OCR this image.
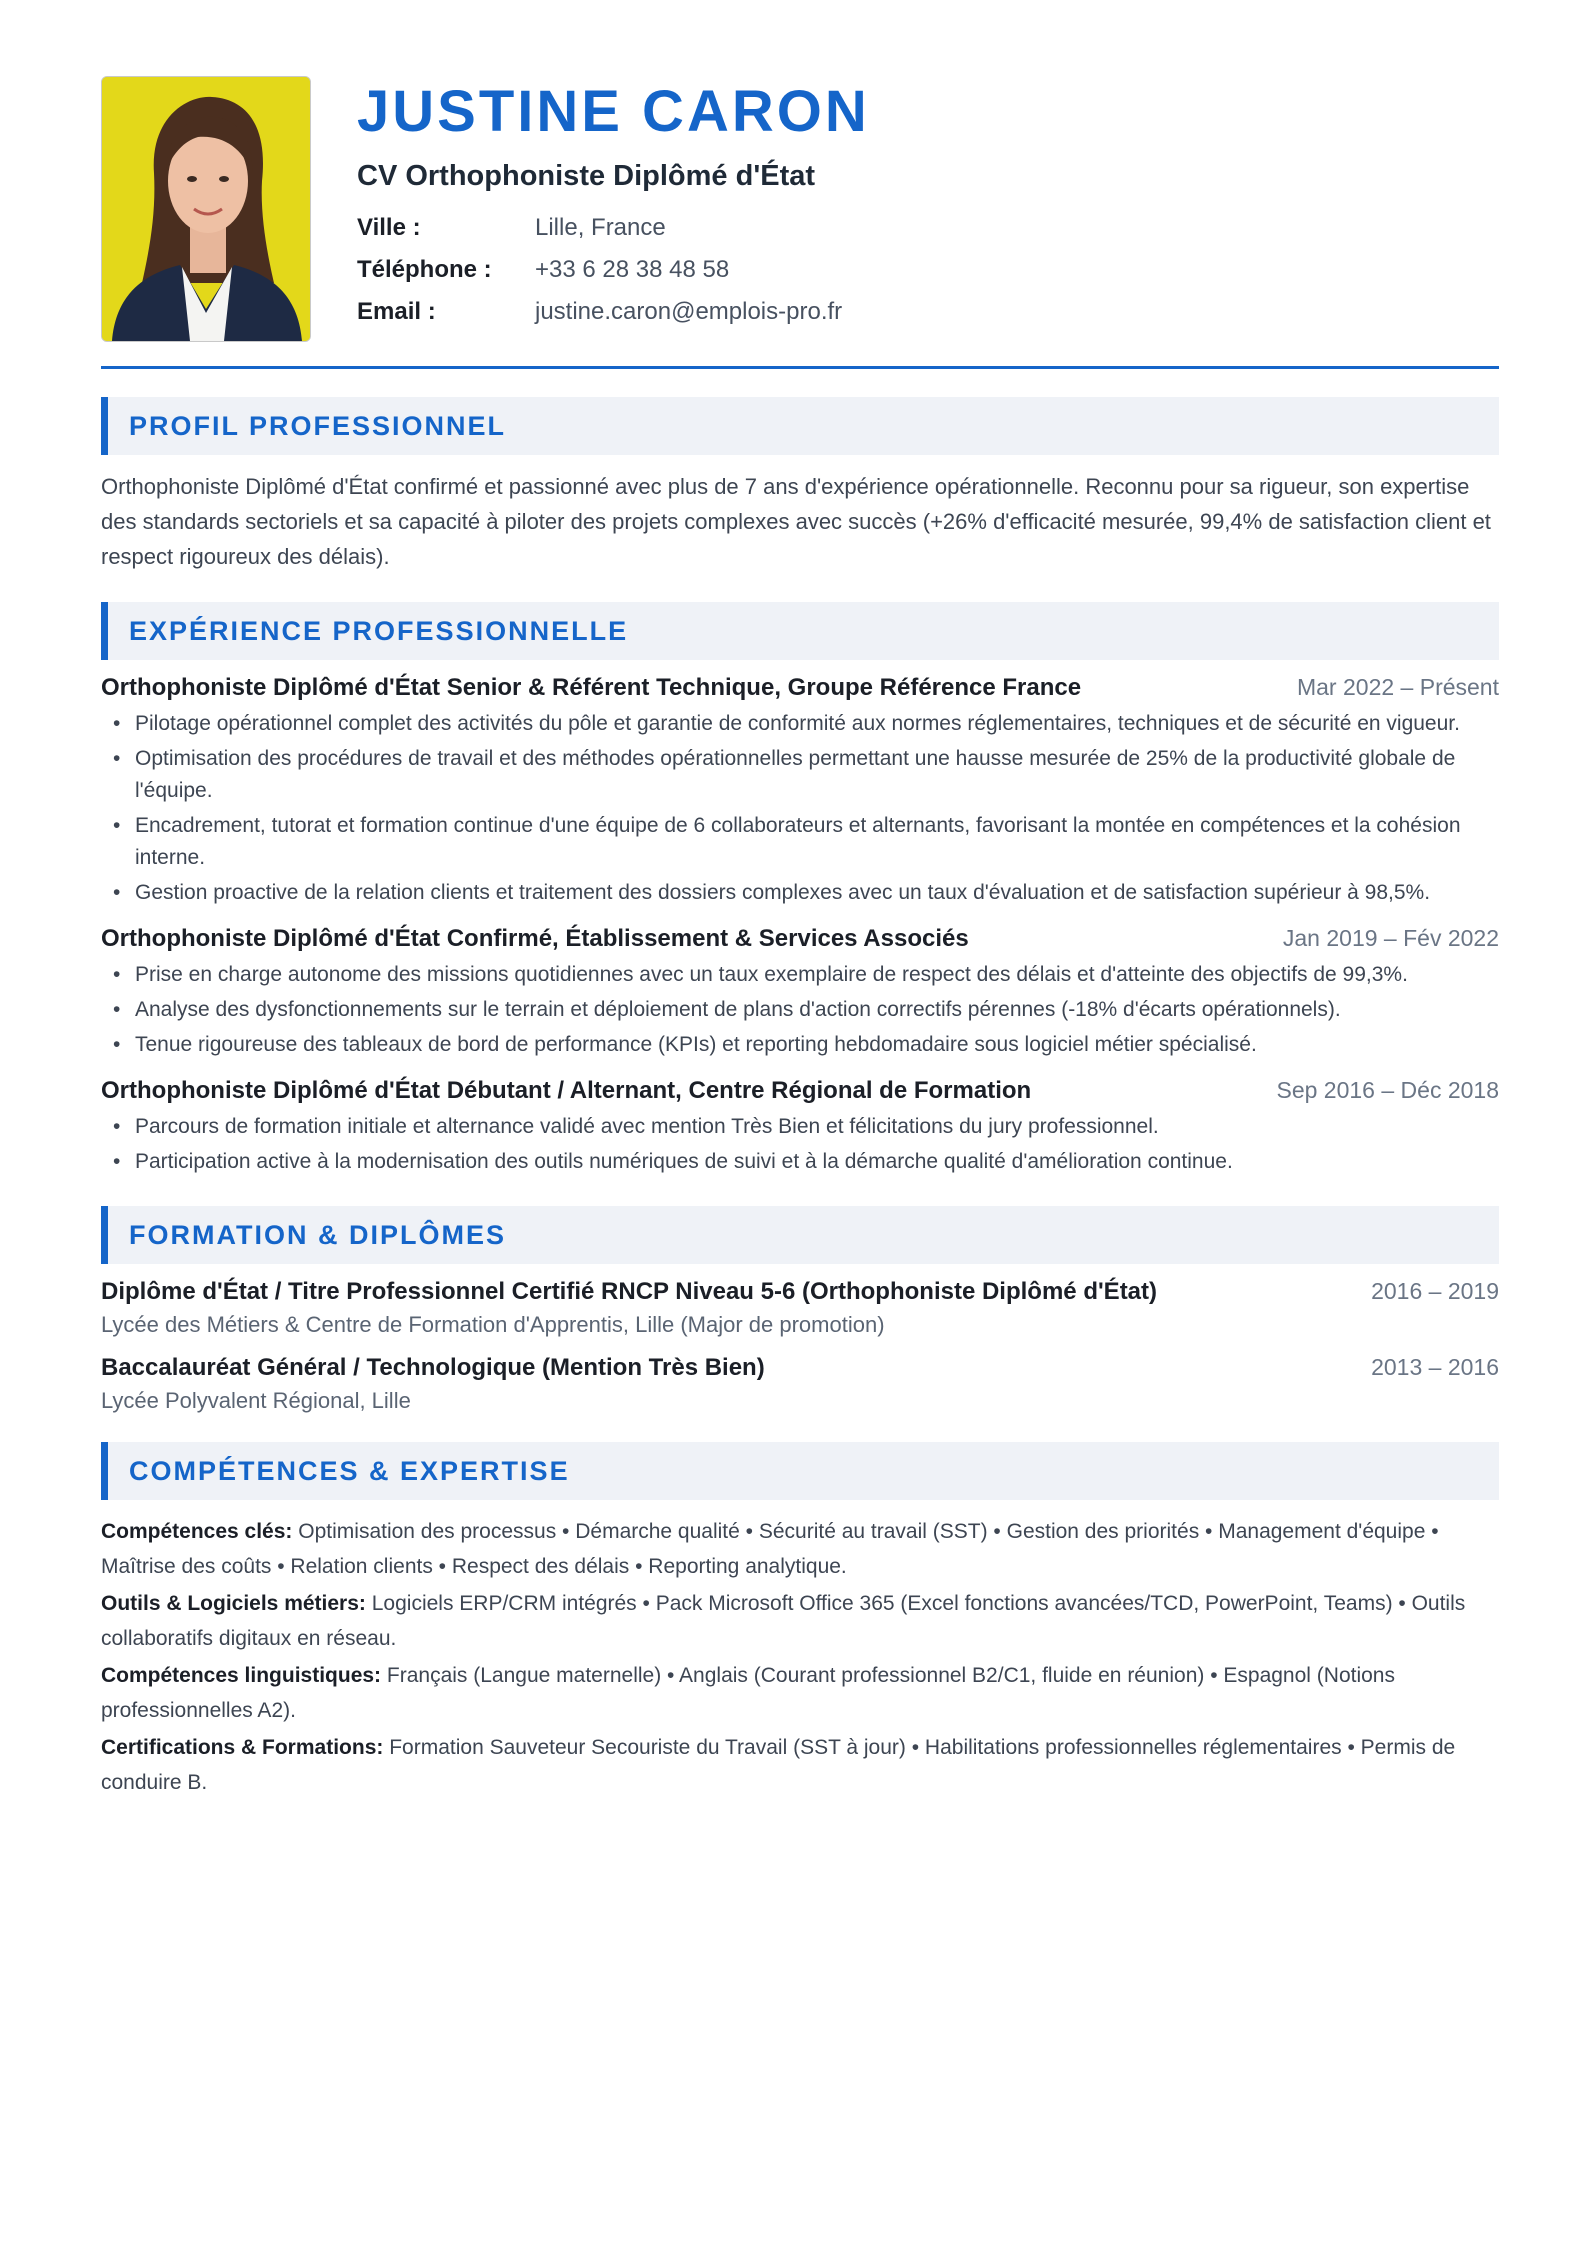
JUSTINE CARON
CV Orthophoniste Diplômé d'État
Ville :	Lille, France
Téléphone :	+33 6 28 38 48 58
Email :	justine.caron@emplois-pro.fr
PROFIL PROFESSIONNEL

Orthophoniste Diplômé d'État confirmé et passionné avec plus de 7 ans d'expérience opérationnelle. Reconnu pour sa rigueur, son expertise des standards sectoriels et sa capacité à piloter des projets complexes avec succès (+26% d'efficacité mesurée, 99,4% de satisfaction client et respect rigoureux des délais).

EXPÉRIENCE PROFESSIONNELLE
Orthophoniste Diplômé d'État Senior & Référent Technique, Groupe Référence France	Mar 2022 – Présent
• Pilotage opérationnel complet des activités du pôle et garantie de conformité aux normes réglementaires, techniques et de sécurité en vigueur.
• Optimisation des procédures de travail et des méthodes opérationnelles permettant une hausse mesurée de 25% de la productivité globale de l'équipe.
• Encadrement, tutorat et formation continue d'une équipe de 6 collaborateurs et alternants, favorisant la montée en compétences et la cohésion interne.
• Gestion proactive de la relation clients et traitement des dossiers complexes avec un taux d'évaluation et de satisfaction supérieur à 98,5%.
Orthophoniste Diplômé d'État Confirmé, Établissement & Services Associés	Jan 2019 – Fév 2022
• Prise en charge autonome des missions quotidiennes avec un taux exemplaire de respect des délais et d'atteinte des objectifs de 99,3%.
• Analyse des dysfonctionnements sur le terrain et déploiement de plans d'action correctifs pérennes (-18% d'écarts opérationnels).
• Tenue rigoureuse des tableaux de bord de performance (KPIs) et reporting hebdomadaire sous logiciel métier spécialisé.
Orthophoniste Diplômé d'État Débutant / Alternant, Centre Régional de Formation	Sep 2016 – Déc 2018
• Parcours de formation initiale et alternance validé avec mention Très Bien et félicitations du jury professionnel.
• Participation active à la modernisation des outils numériques de suivi et à la démarche qualité d'amélioration continue.
FORMATION & DIPLÔMES
Diplôme d'État / Titre Professionnel Certifié RNCP Niveau 5-6 (Orthophoniste Diplômé d'État)	2016 – 2019
Lycée des Métiers & Centre de Formation d'Apprentis, Lille (Major de promotion)
Baccalauréat Général / Technologique (Mention Très Bien)	2013 – 2016
Lycée Polyvalent Régional, Lille
COMPÉTENCES & EXPERTISE

Compétences clés: Optimisation des processus • Démarche qualité • Sécurité au travail (SST) • Gestion des priorités • Management d'équipe • Maîtrise des coûts • Relation clients • Respect des délais • Reporting analytique.

Outils & Logiciels métiers: Logiciels ERP/CRM intégrés • Pack Microsoft Office 365 (Excel fonctions avancées/TCD, PowerPoint, Teams) • Outils collaboratifs digitaux en réseau.

Compétences linguistiques: Français (Langue maternelle) • Anglais (Courant professionnel B2/C1, fluide en réunion) • Espagnol (Notions professionnelles A2).

Certifications & Formations: Formation Sauveteur Secouriste du Travail (SST à jour) • Habilitations professionnelles réglementaires • Permis de conduire B.
